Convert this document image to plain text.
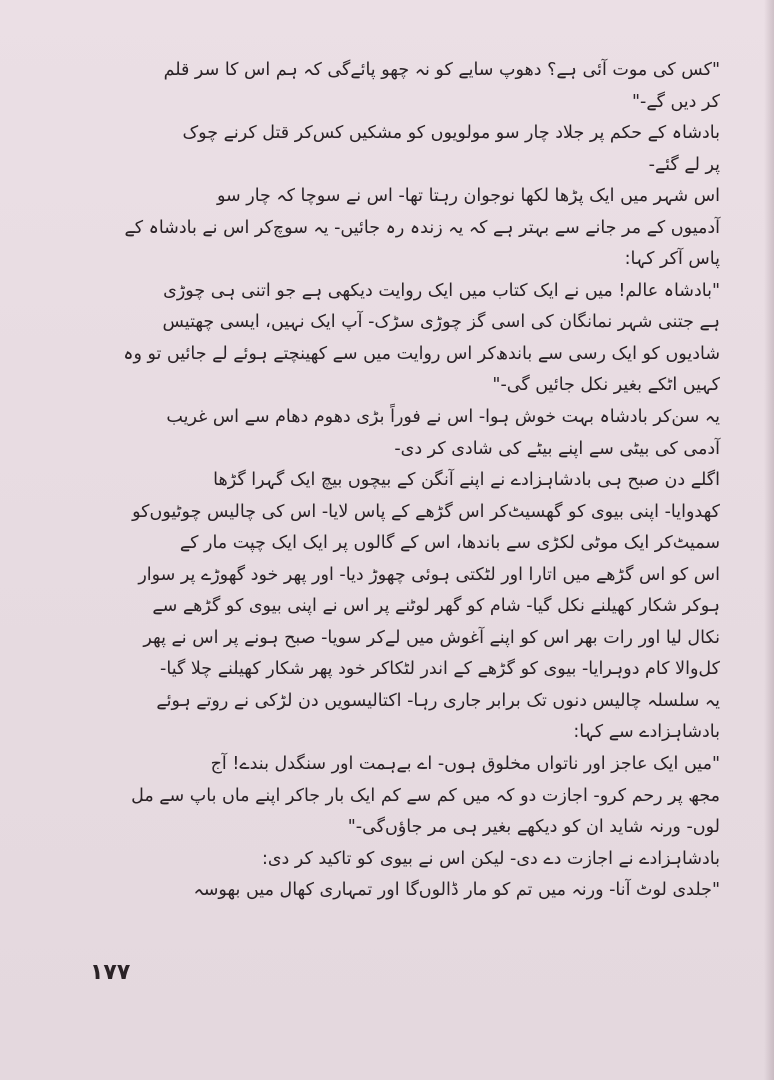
"کس کی موت آئی ہے؟ دھوپ سایے کو نہ چھو پائےگی کہ ہم اس کا سر قلم
کر دیں گے-"
بادشاہ کے حکم پر جلاد چار سو مولویوں کو مشکیں کس‌کر قتل کرنے چوک
پر لے گئے-
اس شہر میں ایک پڑھا لکھا نوجوان رہتا تھا- اس نے سوچا کہ چار سو
آدمیوں کے مر جانے سے بہتر ہے کہ یہ زندہ رہ جائیں- یہ سوچ‌کر اس نے بادشاہ کے
پاس آکر کہا:
"بادشاہ عالم! میں نے ایک کتاب میں ایک روایت دیکھی ہے جو اتنی ہی چوڑی
ہے جتنی شہر نمانگان کی اسی گز چوڑی سڑک- آپ ایک نہیں، ایسی چھتیس
شادیوں کو ایک رسی سے باندھ‌کر اس روایت میں سے کھینچتے ہوئے لے جائیں تو وہ
کہیں اٹکے بغیر نکل جائیں گی-"
یہ سن‌کر بادشاہ بہت خوش ہوا- اس نے فوراً بڑی دھوم دھام سے اس غریب
آدمی کی بیٹی سے اپنے بیٹے کی شادی کر دی-
اگلے دن صبح ہی بادشاہزادے نے اپنے آنگن کے بیچوں بیچ ایک گہرا گڑھا
کھدوایا- اپنی بیوی کو گھسیٹ‌کر اس گڑھے کے پاس لایا- اس کی چالیس چوٹیوں‌کو
سمیٹ‌کر ایک موٹی لکڑی سے باندھا، اس کے گالوں پر ایک ایک چپت مار کے
اس کو اس گڑھے میں اتارا اور لٹکتی ہوئی چھوڑ دیا- اور پھر خود گھوڑے پر سوار
ہوکر شکار کھیلنے نکل گیا- شام کو گھر لوٹنے پر اس نے اپنی بیوی کو گڑھے سے
نکال لیا اور رات بھر اس کو اپنے آغوش میں لےکر سویا- صبح ہونے پر اس نے پھر
کل‌والا کام دوہرایا- بیوی کو گڑھے کے اندر لٹکاکر خود پھر شکار کھیلنے چلا گیا-
یہ سلسلہ چالیس دنوں تک برابر جاری رہا- اکتالیسویں دن لڑکی نے روتے ہوئے
بادشاہزادے سے کہا:
"میں ایک عاجز اور ناتواں مخلوق ہوں- اے بےہمت اور سنگدل بندے! آج
مجھ پر رحم کرو- اجازت دو کہ میں کم سے کم ایک بار جاکر اپنے ماں باپ سے مل
لوں- ورنہ شاید ان کو دیکھے بغیر ہی مر جاؤں‌گی-"
بادشاہزادے نے اجازت دے دی- لیکن اس نے بیوی کو تاکید کر دی:
"جلدی لوٹ آنا- ورنہ میں تم کو مار ڈالوں‌گا اور تمہاری کھال میں بھوسہ
۱۷۷
